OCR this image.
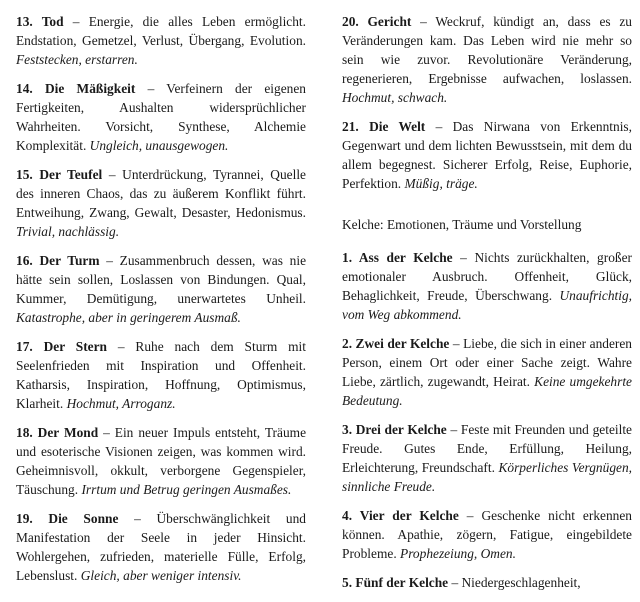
13. Tod – Energie, die alles Leben ermöglicht. Endstation, Gemetzel, Verlust, Übergang, Evolution. Feststecken, erstarren.

14. Die Mäßigkeit – Verfeinern der eigenen Fertigkeiten, Aushalten widersprüchlicher Wahrheiten. Vorsicht, Synthese, Alchemie Komplexität. Ungleich, unausgewogen.

15. Der Teufel – Unterdrückung, Tyrannei, Quelle des inneren Chaos, das zu äußerem Konflikt führt. Entweihung, Zwang, Gewalt, Desaster, Hedonismus. Trivial, nachlässig.

16. Der Turm – Zusammenbruch dessen, was nie hätte sein sollen, Loslassen von Bindungen. Qual, Kummer, Demütigung, unerwartetes Unheil. Katastrophe, aber in geringerem Ausmaß.

17. Der Stern – Ruhe nach dem Sturm mit Seelenfrieden mit Inspiration und Offenheit. Katharsis, Inspiration, Hoffnung, Optimismus, Klarheit. Hochmut, Arroganz.

18. Der Mond – Ein neuer Impuls entsteht, Träume und esoterische Visionen zeigen, was kommen wird. Geheimnisvoll, okkult, verborgene Gegenspieler, Täuschung. Irrtum und Betrug geringen Ausmaßes.

19. Die Sonne – Überschwänglichkeit und Manifestation der Seele in jeder Hinsicht. Wohlergehen, zufrieden, materielle Fülle, Erfolg, Lebenslust. Gleich, aber weniger intensiv.

20. Gericht – Weckruf, kündigt an, dass es zu Veränderungen kam. Das Leben wird nie mehr so sein wie zuvor. Revolutionäre Veränderung, regenerieren, Ergebnisse aufwachen, loslassen. Hochmut, schwach.

21. Die Welt – Das Nirwana von Erkenntnis, Gegenwart und dem lichten Bewusstsein, mit dem du allem begegnest. Sicherer Erfolg, Reise, Euphorie, Perfektion. Müßig, träge.

Kelche: Emotionen, Träume und Vorstellung

1. Ass der Kelche – Nichts zurückhalten, großer emotionaler Ausbruch. Offenheit, Glück, Behaglichkeit, Freude, Überschwang. Unaufrichtig, vom Weg abkommend.

2. Zwei der Kelche – Liebe, die sich in einer anderen Person, einem Ort oder einer Sache zeigt. Wahre Liebe, zärtlich, zugewandt, Heirat. Keine umgekehrte Bedeutung.

3. Drei der Kelche – Feste mit Freunden und geteilte Freude. Gutes Ende, Erfüllung, Heilung, Erleichterung, Freundschaft. Körperliches Vergnügen, sinnliche Freude.

4. Vier der Kelche – Geschenke nicht erkennen können. Apathie, zögern, Fatigue, eingebildete Probleme. Prophezeiung, Omen.

5. Fünf der Kelche – Niedergeschlagenheit,
